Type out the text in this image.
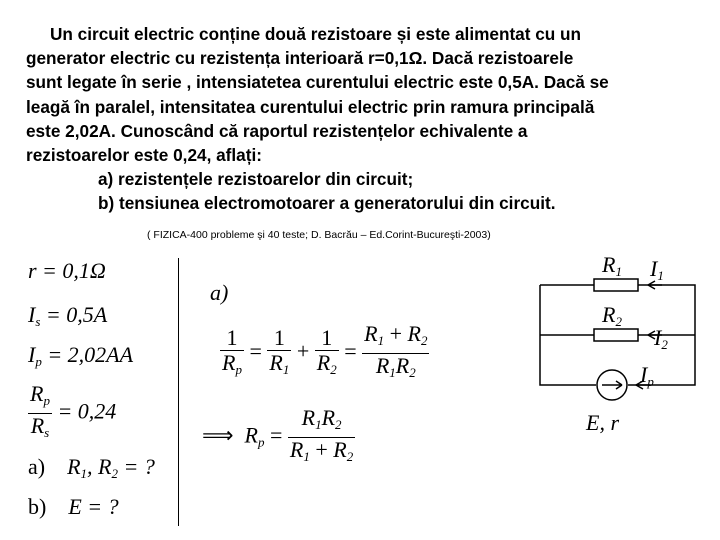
Un circuit electric conține două rezistoare și este alimentat cu un
generator electric cu rezistența interioară r=0,1Ω. Dacă rezistoarele
sunt legate în serie , intensiatetea curentului electric este 0,5A. Dacă se
leagă în paralel, intensitatea curentului electric prin ramura principală
este 2,02A. Cunoscând că raportul rezistențelor echivalente a
rezistoarelor este 0,24, aflați:
a) rezistențele rezistoarelor din circuit;
b) tensiunea electromotoarer a generatorului din circuit.
( FIZICA-400 probleme şi 40 teste; D. Bacrău – Ed.Corint-Bucureşti-2003)
r = 0,1Ω
$I_s = 0,5A$
$I_p = 2,02AA$
$\frac{R_p}{R_s} = 0,24$
a) $R_1$, $R_2$ = ?
b) E = ?
a)
$\frac{1}{R_p} = \frac{1}{R_1} + \frac{1}{R_2} = \frac{R_1 + R_2}{R_1R_2}$
⟹ $R_p = \frac{R_1R_2}{R_1 + R_2}$
R1 I1
R2
I2
Ip
E, r
